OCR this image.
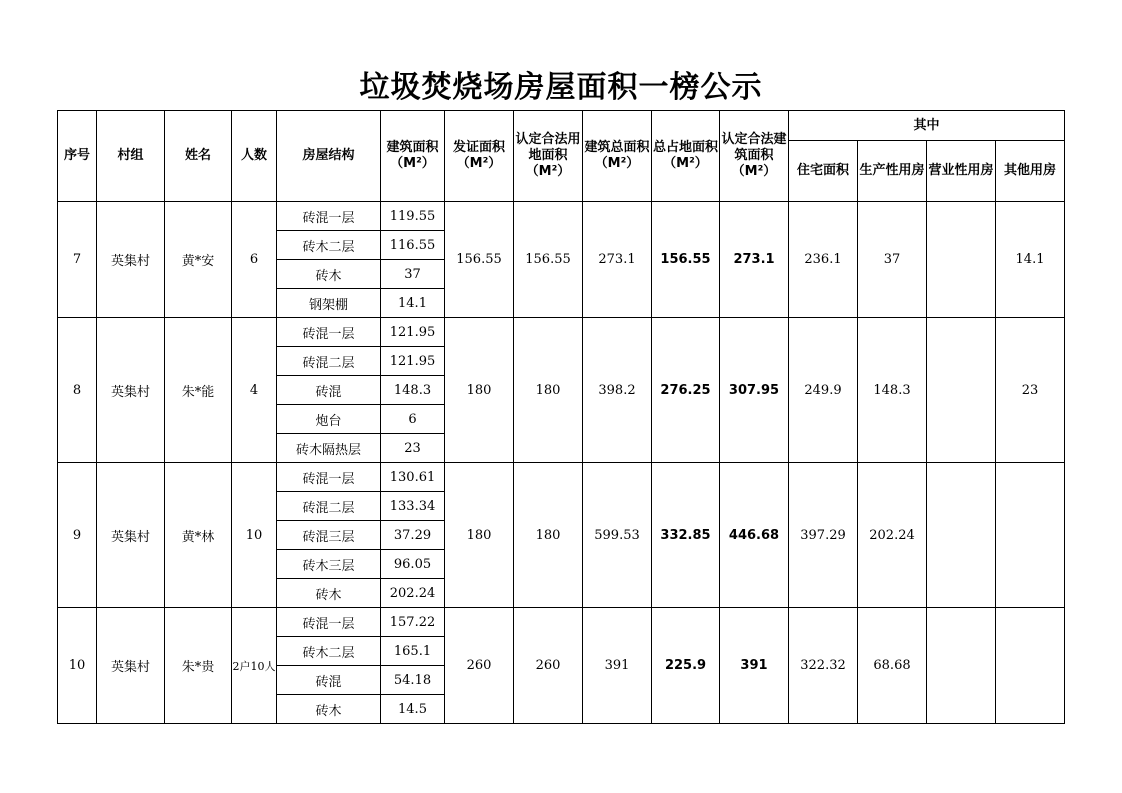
垃圾焚烧场房屋面积一榜公示
序号	村组	姓名	人数	房屋结构	建筑面积（M²）	发证面积（M²）	认定合法用地面积（M²）	建筑总面积 （M²）	总占地面积（M²）	认定合法建筑面积（M²）	其中			
											住宅面积	生产性用房	营业性用房	其他用房
7	英集村	黄*安	6	砖混一层	119.55	156.55	156.55	273.1	156.55	273.1	236.1	37		14.1
				砖木二层	116.55									
				砖木	37									
				钢架棚	14.1									
8	英集村	朱*能	4	砖混一层	121.95	180	180	398.2	276.25	307.95	249.9	148.3		23
				砖混二层	121.95									
				砖混	148.3									
				炮台	6									
				砖木隔热层	23									
9	英集村	黄*林	10	砖混一层	130.61	180	180	599.53	332.85	446.68	397.29	202.24		
				砖混二层	133.34									
				砖混三层	37.29									
				砖木三层	96.05									
				砖木	202.24									
10	英集村	朱*贵	2户10人	砖混一层	157.22	260	260	391	225.9	391	322.32	68.68		
				砖木二层	165.1									
				砖混	54.18									
				砖木	14.5									
